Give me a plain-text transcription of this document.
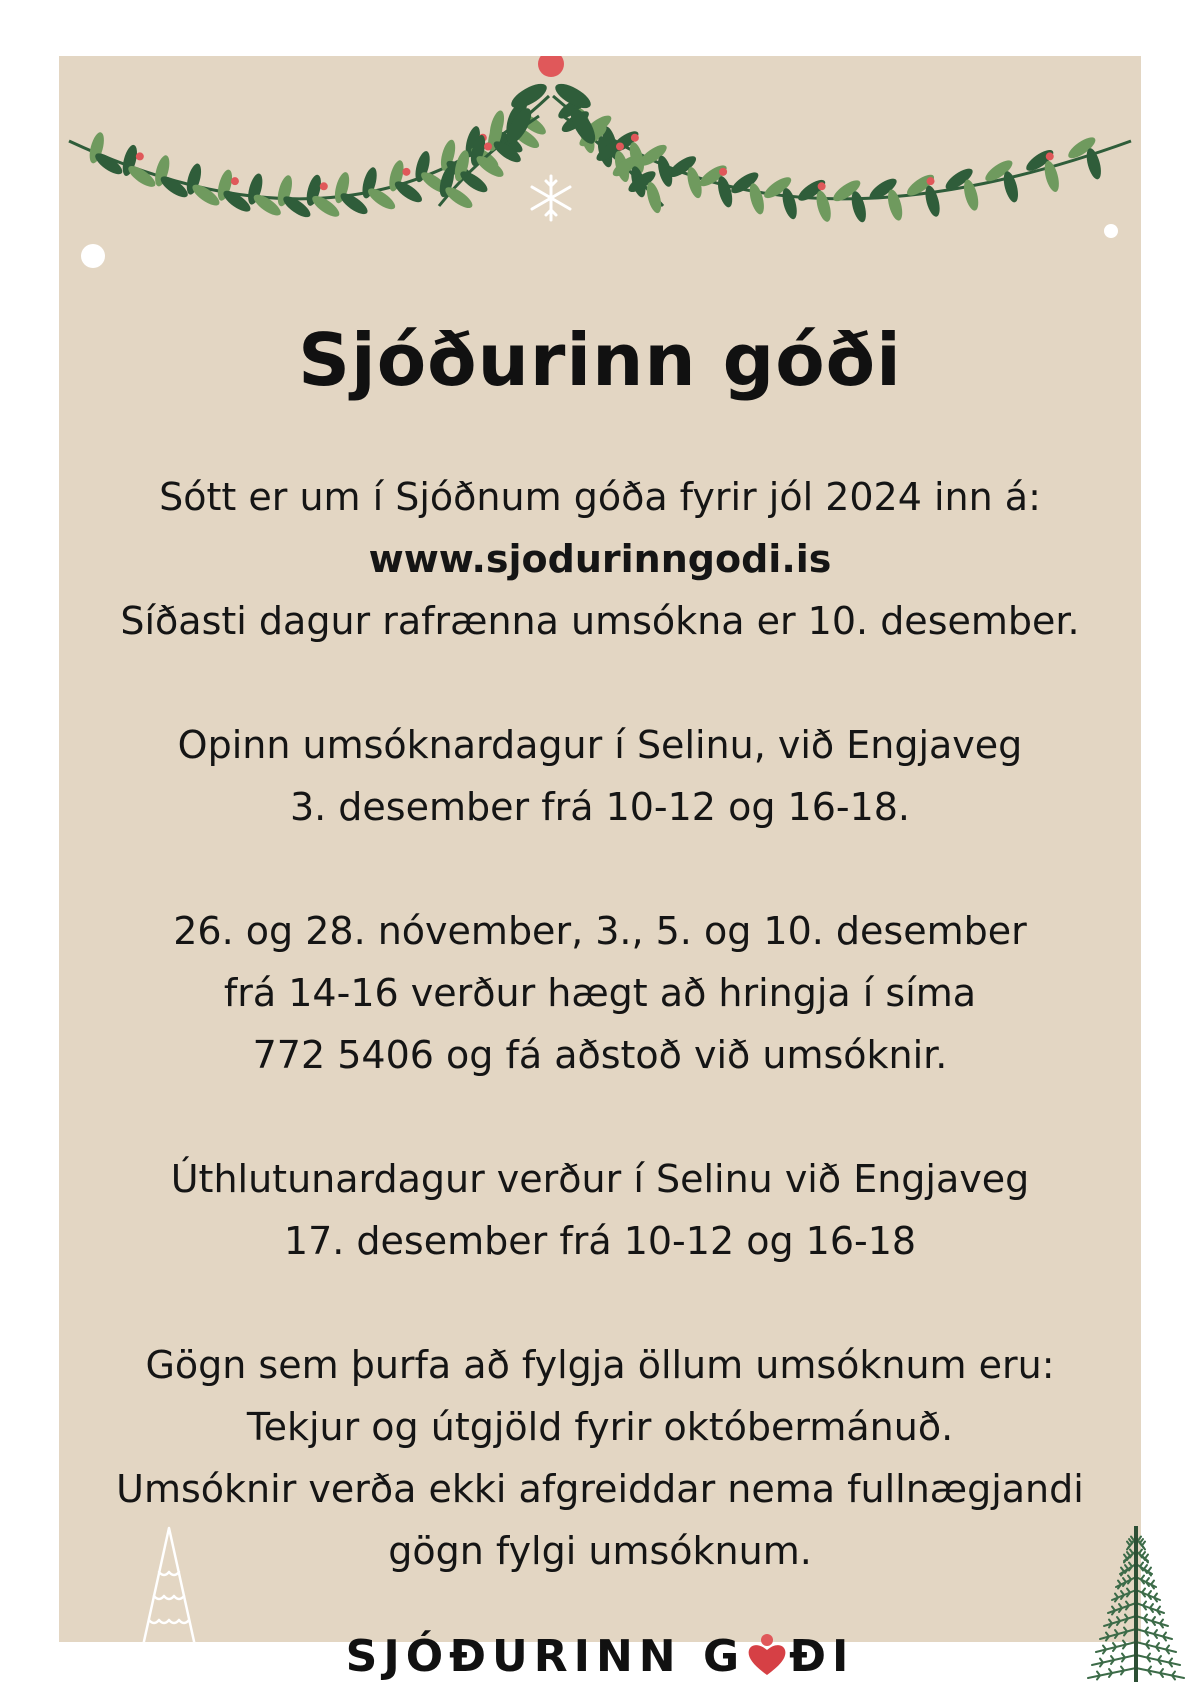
Sjóðurinn góði
Sótt er um í Sjóðnum góða fyrir jól 2024 inn á:
www.sjodurinngodi.is
Síðasti dagur rafrænna umsókna er 10. desember.
Opinn umsóknardagur í Selinu, við Engjaveg
3. desember frá 10-12 og 16-18.
26. og 28. nóvember, 3., 5. og 10. desember
frá 14-16 verður hægt að hringja í síma
772 5406 og fá aðstoð við umsóknir.
Úthlutunardagur verður í Selinu við Engjaveg
17. desember frá 10-12 og 16-18
Gögn sem þurfa að fylgja öllum umsóknum eru:
Tekjur og útgjöld fyrir októbermánuð.
Umsóknir verða ekki afgreiddar nema fullnægjandi
gögn fylgi umsóknum.
SJÓÐURINN G ÐI
